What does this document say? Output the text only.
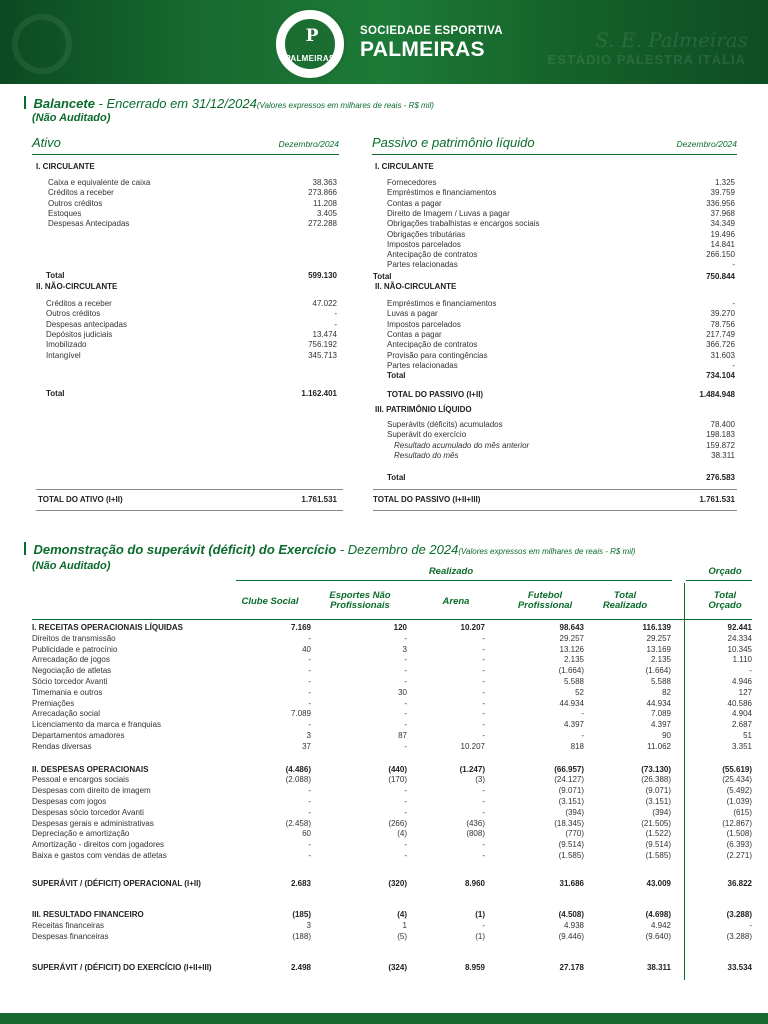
S. E. Palmeiras
ESTÁDIO PALESTRA ITÁLIA
P
PALMEIRAS
SOCIEDADE ESPORTIVA
PALMEIRAS
Balancete - Encerrado em 31/12/2024(Valores expressos em milhares de reais - R$ mil)
(Não Auditado)
Ativo	Dezembro/2024
I. CIRCULANTE
Caixa e equivalente de caixa	38.363
Créditos a receber	273.866
Outros créditos	11.208
Estoques	3.405
Despesas Antecipadas	272.288
Total	599.130
II. NÃO-CIRCULANTE
Créditos a receber	47.022
Outros créditos	-
Despesas antecipadas	-
Depósitos judiciais	13.474
Imobilizado	756.192
Intangível	345.713
Total	1.162.401
TOTAL DO ATIVO (I+II)	1.761.531
Passivo e patrimônio líquido	Dezembro/2024
I. CIRCULANTE
Fornecedores	1.325
Empréstimos e financiamentos	39.759
Contas a pagar	336.956
Direito de Imagem / Luvas a pagar	37.968
Obrigações trabalhistas e encargos sociais	34.349
Obrigações tributárias	19.496
Impostos parcelados	14.841
Antecipação de contratos	266.150
Partes relacionadas	-
Total	750.844
II. NÃO-CIRCULANTE
Empréstimos e financiamentos	-
Luvas a pagar	39.270
Impostos parcelados	78.756
Contas a pagar	217.749
Antecipação de contratos	366.726
Provisão para contingências	31.603
Partes relacionadas	-
Total	734.104
TOTAL DO PASSIVO (I+II)	1.484.948
III. PATRIMÔNIO LÍQUIDO
Superávits (déficits) acumulados	78.400
Superávit do exercício	198.183
Resultado acumulado do mês anterior	159.872
Resultado do mês	38.311
Total	276.583
TOTAL DO PASSIVO (I+II+III)	1.761.531
Demonstração do superávit (déficit) do Exercício - Dezembro de 2024(Valores expressos em milhares de reais - R$ mil)
(Não Auditado)	Realizado	Orçado
Clube Social
Esportes Não Profissionais	Arena
Futebol Profissional
Total Realizado
Total Orçado
I. RECEITAS OPERACIONAIS LÍQUIDAS	7.169	120	10.207	98.643	116.139	92.441
Direitos de transmissão	-	-	-	29.257	29.257	24.334
Publicidade e patrocínio	40	3	-	13.126	13.169	10.345
Arrecadação de jogos	-	-	-	2.135	2.135	1.110
Negociação de atletas	-	-	-	(1.664)	(1.664)	-
Sócio torcedor Avanti	-	-	-	5.588	5.588	4.946
Timemania e outros	-	30	-	52	82	127
Premiações	-	-	-	44.934	44.934	40.586
Arrecadação social	7.089	-	-	-	7.089	4.904
Licenciamento da marca e franquias	-	-	-	4.397	4.397	2.687
Departamentos amadores	3	87	-	-	90	51
Rendas diversas	37	-	10.207	818	11.062	3.351
II. DESPESAS OPERACIONAIS	(4.486)	(440)	(1.247)	(66.957)	(73.130)	(55.619)
Pessoal e encargos sociais	(2.088)	(170)	(3)	(24.127)	(26.388)	(25.434)
Despesas com direito de imagem	-	-	-	(9.071)	(9.071)	(5.492)
Despesas com jogos	-	-	-	(3.151)	(3.151)	(1.039)
Despesas sócio torcedor Avanti	-	-	-	(394)	(394)	(615)
Despesas gerais e administrativas	(2.458)	(266)	(436)	(18.345)	(21.505)	(12.867)
Depreciação e amortização	60	(4)	(808)	(770)	(1.522)	(1.508)
Amortização - direitos com jogadores	-	-	-	(9.514)	(9.514)	(6.393)
Baixa e gastos com vendas de atletas	-	-	-	(1.585)	(1.585)	(2.271)
SUPERÁVIT / (DÉFICIT) OPERACIONAL (I+II)	2.683	(320)	8.960	31.686	43.009	36.822
III. RESULTADO FINANCEIRO	(185)	(4)	(1)	(4.508)	(4.698)	(3.288)
Receitas financeiras	3	1	-	4.938	4.942	-
Despesas financeiras	(188)	(5)	(1)	(9.446)	(9.640)	(3.288)
SUPERÁVIT / (DÉFICIT) DO EXERCÍCIO (I+II+III)	2.498	(324)	8.959	27.178	38.311	33.534
